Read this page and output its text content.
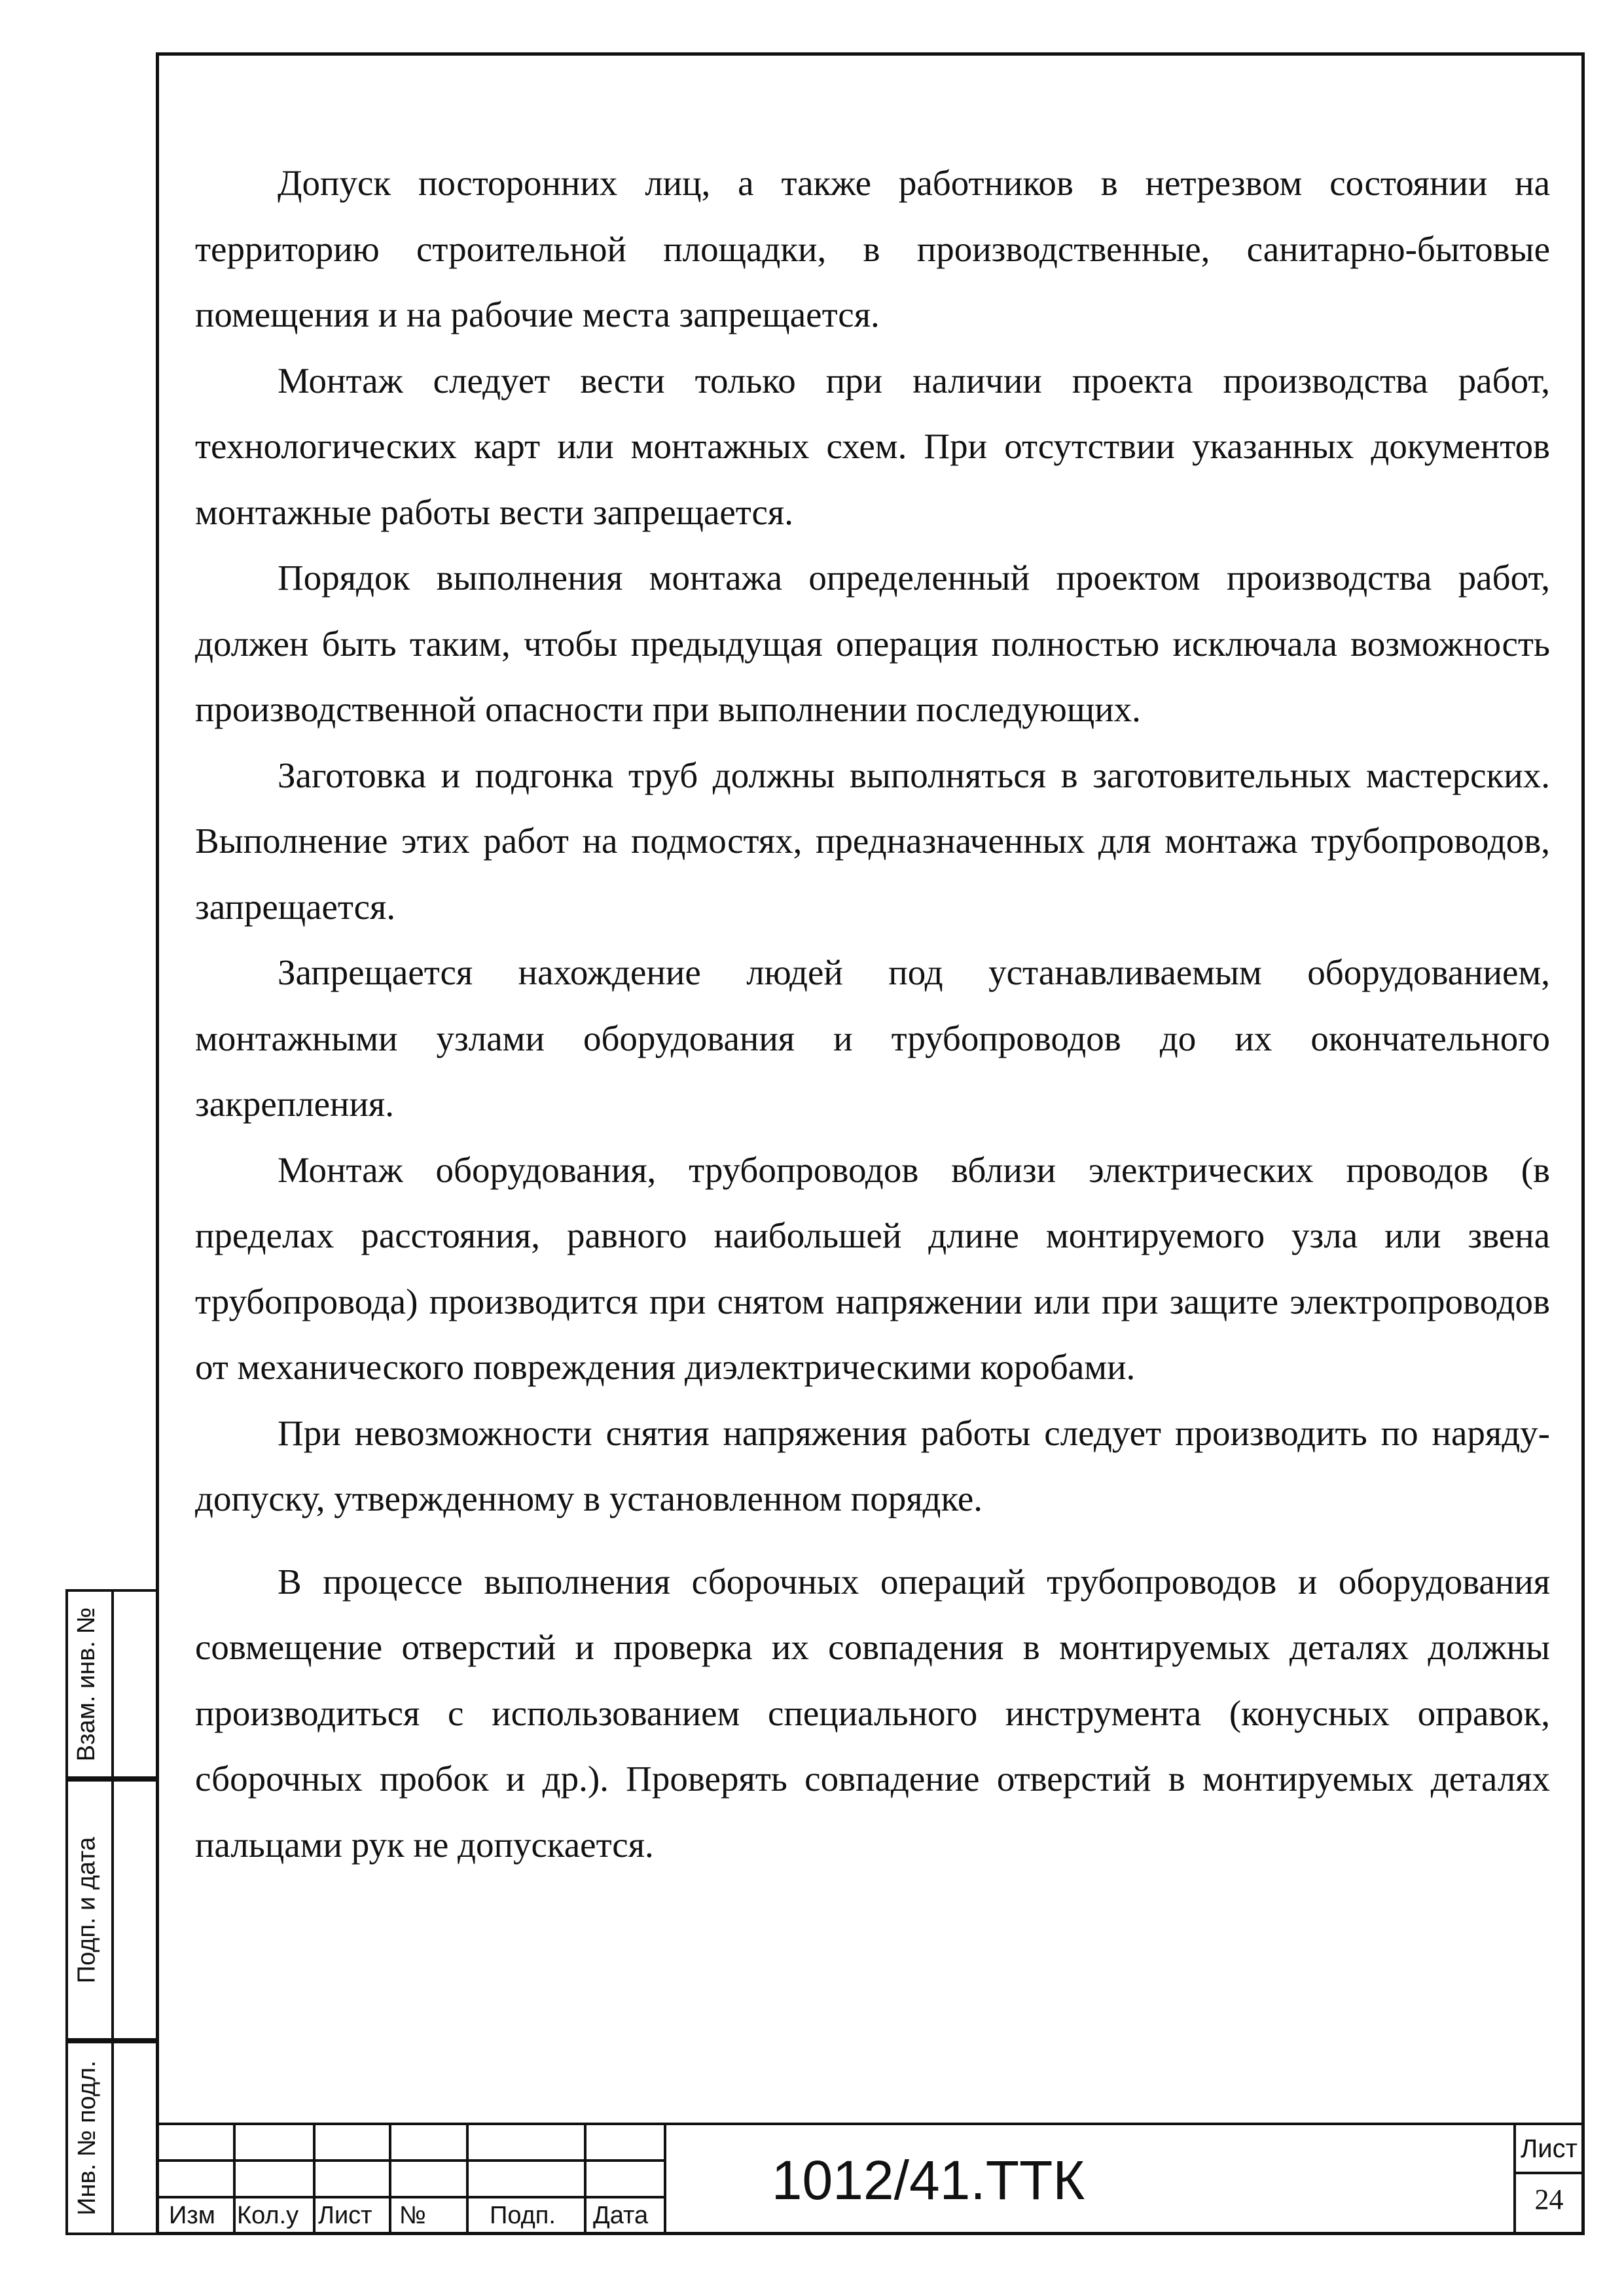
Допуск посторонних лиц, а также работников в нетрезвом состоянии на территорию строительной площадки, в производственные, санитарно-бытовые помещения и на рабочие места запрещается.

Монтаж следует вести только при наличии проекта производства работ, технологических карт или монтажных схем. При отсутствии указанных документов монтажные работы вести запрещается.

Порядок выполнения монтажа определенный проектом производства работ, должен быть таким, чтобы предыдущая операция полностью исключала возможность производственной опасности при выполнении последующих.

Заготовка и подгонка труб должны выполняться в заготовительных мастерских. Выполнение этих работ на подмостях, предназначенных для монтажа трубопроводов, запрещается.

Запрещается нахождение людей под устанавливаемым оборудованием, монтажными узлами оборудования и трубопроводов до их окончательного закрепления.

Монтаж оборудования, трубопроводов вблизи электрических проводов (в пределах расстояния, равного наибольшей длине монтируемого узла или звена трубопровода) производится при снятом напряжении или при защите электропроводов от механического повреждения диэлектрическими коробами.

При невозможности снятия напряжения работы следует производить по наряду-допуску, утвержденному в установленном порядке.

В процессе выполнения сборочных операций трубопроводов и оборудования совмещение отверстий и проверка их совпадения в монтируемых деталях должны производиться с использованием специального инструмента (конусных оправок, сборочных пробок и др.). Проверять совпадение отверстий в монтируемых деталях пальцами рук не допускается.

Взам. инв. №
Подп. и дата
Инв. № подл.
Изм Кол.у Лист №	Подп. Дата
1012/41.ТТК
Лист
24
